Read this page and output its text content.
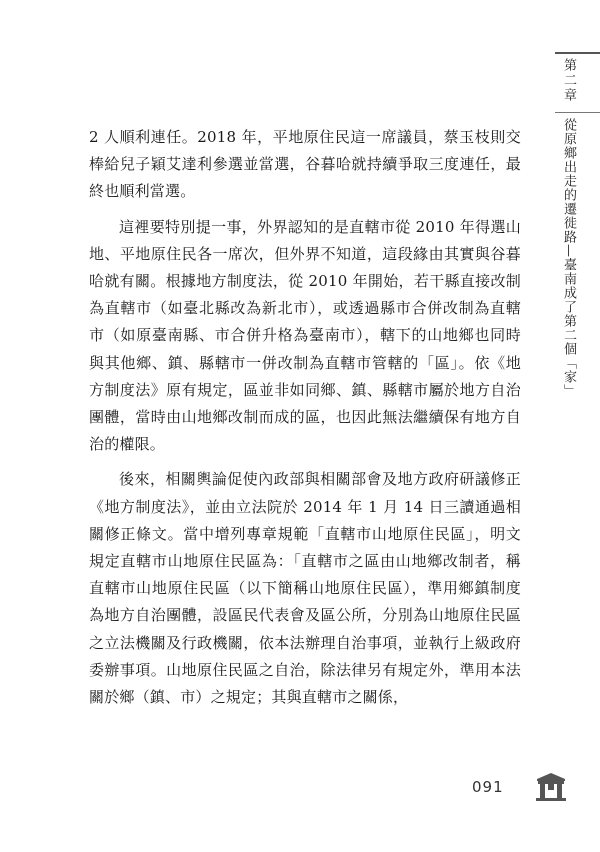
第二章
從原鄉出走的遷徙路—臺南成了第二個「家」

2 人順利連任。2018 年，平地原住民這一席議員，蔡玉枝則交棒給兒子穎艾達利參選並當選，谷暮哈就持續爭取三度連任，最終也順利當選。

這裡要特別提一事，外界認知的是直轄市從 2010 年得選山地、平地原住民各一席次，但外界不知道，這段緣由其實與谷暮哈就有關。根據地方制度法，從 2010 年開始，若干縣直接改制為直轄市（如臺北縣改為新北市），或透過縣市合併改制為直轄市（如原臺南縣、市合併升格為臺南市），轄下的山地鄉也同時與其他鄉、鎮、縣轄市一併改制為直轄市管轄的「區」。依《地方制度法》原有規定，區並非如同鄉、鎮、縣轄市屬於地方自治團體，當時由山地鄉改制而成的區，也因此無法繼續保有地方自治的權限。

後來，相關輿論促使內政部與相關部會及地方政府研議修正《地方制度法》，並由立法院於 2014 年 1 月 14 日三讀通過相關修正條文。當中增列專章規範「直轄市山地原住民區」，明文規定直轄市山地原住民區為：「直轄市之區由山地鄉改制者，稱直轄市山地原住民區（以下簡稱山地原住民區），準用鄉鎮制度為地方自治團體，設區民代表會及區公所，分別為山地原住民區之立法機關及行政機關，依本法辦理自治事項，並執行上級政府委辦事項。山地原住民區之自治，除法律另有規定外，準用本法關於鄉（鎮、市）之規定；其與直轄市之關係，

091
